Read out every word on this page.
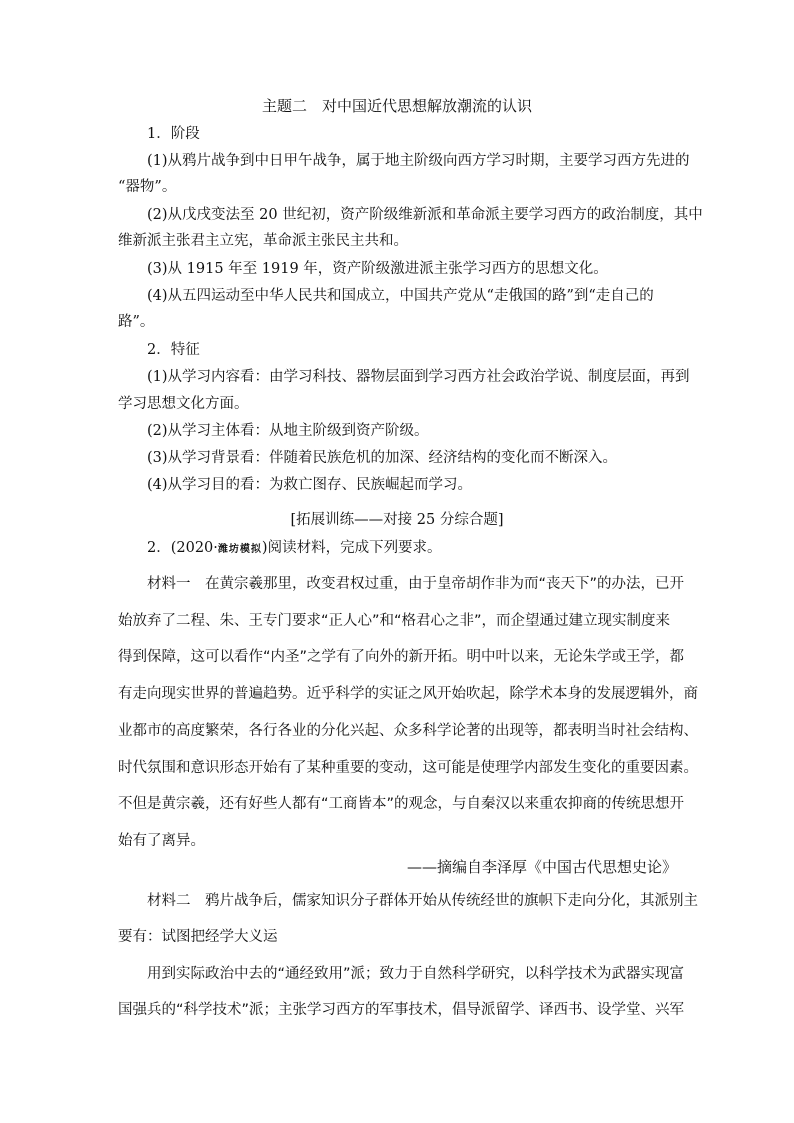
主题二　对中国近代思想解放潮流的认识
1．阶段
(1)从鸦片战争到中日甲午战争，属于地主阶级向西方学习时期，主要学习西方先进的
“器物”。
(2)从戊戌变法至 20 世纪初，资产阶级维新派和革命派主要学习西方的政治制度，其中
维新派主张君主立宪，革命派主张民主共和。
(3)从 1915 年至 1919 年，资产阶级激进派主张学习西方的思想文化。
(4)从五四运动至中华人民共和国成立，中国共产党从“走俄国的路”到“走自己的
路”。
2．特征
(1)从学习内容看：由学习科技、器物层面到学习西方社会政治学说、制度层面，再到
学习思想文化方面。
(2)从学习主体看：从地主阶级到资产阶级。
(3)从学习背景看：伴随着民族危机的加深、经济结构的变化而不断深入。
(4)从学习目的看：为救亡图存、民族崛起而学习。
[拓展训练——对接 25 分综合题]
2．(2020·潍坊模拟)阅读材料，完成下列要求。
材料一　在黄宗羲那里，改变君权过重，由于皇帝胡作非为而“丧天下”的办法，已开
始放弃了二程、朱、王专门要求“正人心”和“格君心之非”，而企望通过建立现实制度来
得到保障，这可以看作“内圣”之学有了向外的新开拓。明中叶以来，无论朱学或王学，都
有走向现实世界的普遍趋势。近乎科学的实证之风开始吹起，除学术本身的发展逻辑外，商
业都市的高度繁荣，各行各业的分化兴起、众多科学论著的出现等，都表明当时社会结构、
时代氛围和意识形态开始有了某种重要的变动，这可能是使理学内部发生变化的重要因素。
不但是黄宗羲，还有好些人都有“工商皆本”的观念，与自秦汉以来重农抑商的传统思想开
始有了离异。
——摘编自李泽厚《中国古代思想史论》
材料二　鸦片战争后，儒家知识分子群体开始从传统经世的旗帜下走向分化，其派别主
要有：试图把经学大义运
用到实际政治中去的“通经致用”派；致力于自然科学研究，以科学技术为武器实现富
国强兵的“科学技术”派；主张学习西方的军事技术，倡导派留学、译西书、设学堂、兴军
